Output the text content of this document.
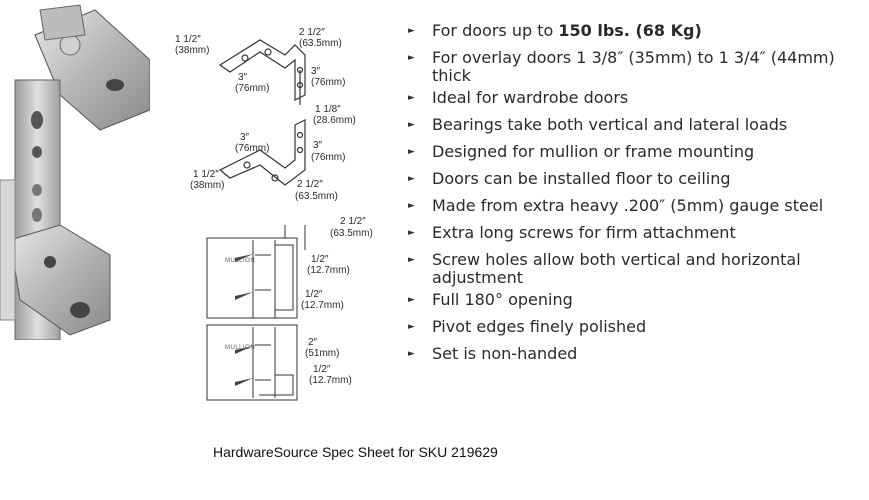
1 1/2″
(38mm)
2 1/2″
(63.5mm)
3″
(76mm)
3″
(76mm)
1 1/8″
(28.6mm)
3″
(76mm)	3″
(76mm)
1 1/2″
(38mm)	2 1/2″
(63.5mm)
2 1/2″
(63.5mm)
1/2″
(12.7mm)
1/2″
(12.7mm)
2″
(51mm)
1/2″
(12.7mm)
MULLION
MULLION
► For doors up to 150 lbs. (68 Kg)
► For overlay doors 1 3/8″ (35mm) to 1 3/4″ (44mm) thick
► Ideal for wardrobe doors
► Bearings take both vertical and lateral loads
► Designed for mullion or frame mounting
► Doors can be installed floor to ceiling
► Made from extra heavy .200″ (5mm) gauge steel
► Extra long screws for firm attachment
► Screw holes allow both vertical and horizontal adjustment
► Full 180° opening
► Pivot edges finely polished
► Set is non-handed
HardwareSource Spec Sheet for SKU 219629
